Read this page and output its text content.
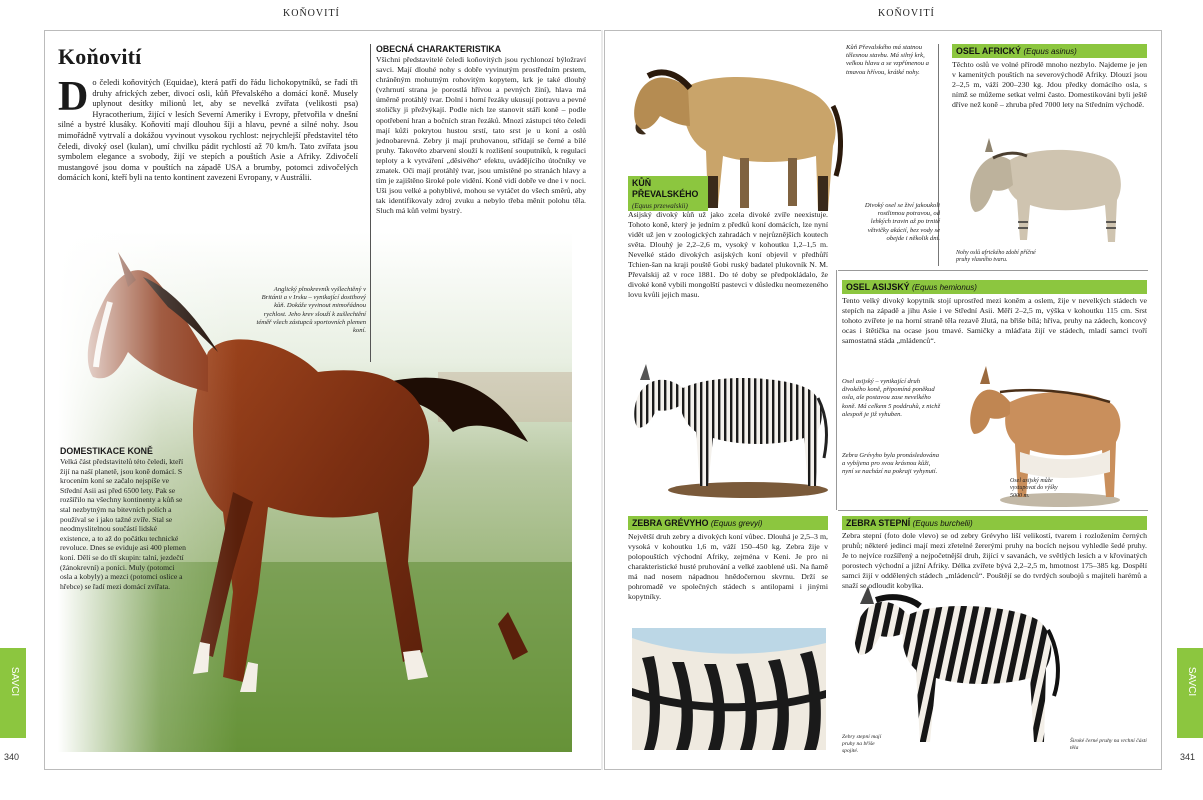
KOŇOVITÍ	KOŇOVITÍ
SAVCI	SAVCI
340	341
Koňovití
Do čeledi koňovitých (Equidae), která patří do řádu lichokopytníků, se řadí tři druhy afrických zeber, divocí osli, kůň Převalského a domácí koně. Musely uplynout desítky milionů let, aby se nevelká zvířata (velikosti psa) Hyracotherium, žijící v lesích Severní Ameriky i Evropy, přetvořila v dnešní silné a bystré klusáky. Koňovití mají dlouhou šíji a hlavu, pevné a silné nohy. Jsou mimořádně vytrvalí a dokážou vyvinout vysokou rychlost: nejrychlejší představitel této čeledi, divoký osel (kulan), umí chvilku pádit rychlostí až 70 km/h. Tato zvířata jsou symbolem elegance a svobody, žijí ve stepích a pouštích Asie a Afriky. Zdivočelí mustangové jsou doma v pouštích na západě USA a brumby, potomci zdivočelých domácích koní, kteří byli na tento kontinent zavezeni Evropany, v Austrálii.
Anglický plnokrevník vyšlechtěný v Británii a v Irsku – vynikající dostihový kůň. Dokáže vyvinout mimořádnou rychlost. Jeho krev slouží k zušlechtění téměř všech zástupců sportovních plemen koní.
DOMESTIKACE KONĚ
Velká část představitelů této čeledi, kteří žijí na naší planetě, jsou koně domácí. S krocením koní se začalo nejspíše ve Střední Asii asi před 6500 lety. Pak se rozšířilo na všechny kontinenty a kůň se stal nezbytným na bitevních polích a používal se i jako tažné zvíře. Stal se neodmyslitelnou součástí lidské existence, a to až do počátku technické revoluce. Dnes se eviduje asi 400 plemen koní. Dělí se do tří skupin: talní, jezdečtí (žánokrevní) a poníci. Muly (potomci osla a kobyly) a mezci (potomci oslice a hřebce) se řadí mezi domácí zvířata.
OBECNÁ CHARAKTERISTIKA
Všichni představitelé čeledi koňovitých jsou rychlonozí býložraví savci. Mají dlouhé nohy s dobře vyvinutým prostředním prstem, chráněným mohutným rohovitým kopytem, krk je také dlouhý (vzhrnutí strana je porostlá hřívou a pevných žíní), hlava má úměrně protáhlý tvar. Dolní i horní řezáky ukusují potravu a pevné stoličky ji přežvýkají. Podle nich lze stanovit stáří koně – podle opotřebení hran a bočních stran řezáků. Mnozí zástupci této čeledi mají kůži pokrytou hustou srstí, tato srst je u koní a oslů jednobarevná. Zebry ji mají pruhovanou, střídají se černé a bílé pruhy. Takovéto zbarvení slouží k rozlišení souputníků, k regulaci teploty a k vytváření „děsivého“ efektu, uvádějícího útočníky ve zmatek. Oči mají protáhlý tvar, jsou umístěné po stranách hlavy a tím je zajištěno široké pole vidění. Koně vidí dobře ve dne i v noci. Uši jsou velké a pohyblivé, mohou se vytáčet do všech směrů, aby tak identifikovaly zdroj zvuku a nebylo třeba měnit polohu těla. Sluch má kůň velmi bystrý.
Kůň Převalského má statnou tělesnou stavbu. Má silný krk, velkou hlavu a se vzpřímenou a tmavou hřívou, krátké nohy.
KŮŇ PŘEVALSKÉHO
(Equus przewalskii)
Asijský divoký kůň už jako zcela divoké zvíře neexistuje. Tohoto koně, který je jedním z předků koní domácích, lze nyní vidět už jen v zoologických zahradách v nejrůznějších koutech světa. Dlouhý je 2,2–2,6 m, vysoký v kohoutku 1,2–1,5 m. Nevelké stádo divokých asijských koní objevil v předhůří Tchien-šan na kraji pouště Gobi ruský badatel plukovník N. M. Převalskij až v roce 1881. Do té doby se předpokládalo, že divoké koně vybili mongolští pastevci v důsledku neomezeného lovu kvůli jejich masu.
OSEL AFRICKÝ (Equus asinus)
Těchto oslů ve volné přírodě mnoho nezbylo. Najdeme je jen v kamenitých pouštích na severovýchodě Afriky. Dlouzí jsou 2–2,5 m, váží 200–230 kg. Jdou předky domácího osla, s nímž se můžeme setkat velmi často. Domestikováni byli ještě dříve než koně – zhruba před 7000 lety na Středním východě.
Divoký osel se živí jakoukoli rostlinnou potravou, od lehkých travin až po trnité větvičky akácií, bez vody se obejde i několik dní.
Nohy oslů afrického zdobí příčné pruhy vlasního tvaru.
OSEL ASIJSKÝ (Equus hemionus)
Tento velký divoký kopytník stojí uprostřed mezi koněm a oslem, žije v nevelkých stádech ve stepích na západě a jihu Asie i ve Střední Asii. Měří 2–2,5 m, výška v kohoutku 115 cm. Srst tohoto zvířete je na horní straně těla rezavě žlutá, na břiše bílá; hříva, pruhy na zádech, koncový ocas i štětička na ocase jsou tmavé. Samičky a mláďata žijí ve stádech, mladí samci tvoří samostatná stáda „mládenců“.
Osel asijský – vynikající druh divokého koně, připomíná poněkud osla, ale postavou zase nevelkého koně. Má celkem 5 poddruhů, z nichž alespoň je již vyhuben.
Zebra Grévyho byla pronásledována a vybíjena pro svou krásnou kůži, nyní se nachází na pokraji vyhynutí.
Osel asijský může vystupovat do výšky 5000 m.
ZEBRA GRÉVYHO (Equus grevyi)
Největší druh zebry a divokých koní vůbec. Dlouhá je 2,5–3 m, vysoká v kohoutku 1,6 m, váží 150–450 kg. Zebra žije v polopouštích východní Afriky, zejména v Keni. Je pro ni charakteristické husté pruhování a velké zaoblené uši. Na ňamě má nad nosem nápadnou hnědočernou skvrnu. Drží se pohromadě ve společných stádech s antilopami i jinými kopytníky.
Zebry stepní mají pruhy na břiše spojité.
ZEBRA STEPNÍ (Equus burchelii)
Zebra stepní (foto dole vlevo) se od zebry Grévyho liší velikostí, tvarem i rozložením černých pruhů; některé jedinci mají mezi zřetelné žererými pruhy na bocích nejsou vyhledle šedé pruhy. Je to nejvíce rozšířený a nejpočetnější druh, žijící v savanách, ve světlých lesích a v křovinatých porostech východní a jižní Afriky. Délka zvířete bývá 2,2–2,5 m, hmotnost 175–385 kg. Dospělí samci žijí v oddělených stádech „mládenců“. Pouštějí se do tvrdých soubojů s majiteli harémů a snaží se odloudit kobylka.
Široké černé pruhy na vrchní části těla
